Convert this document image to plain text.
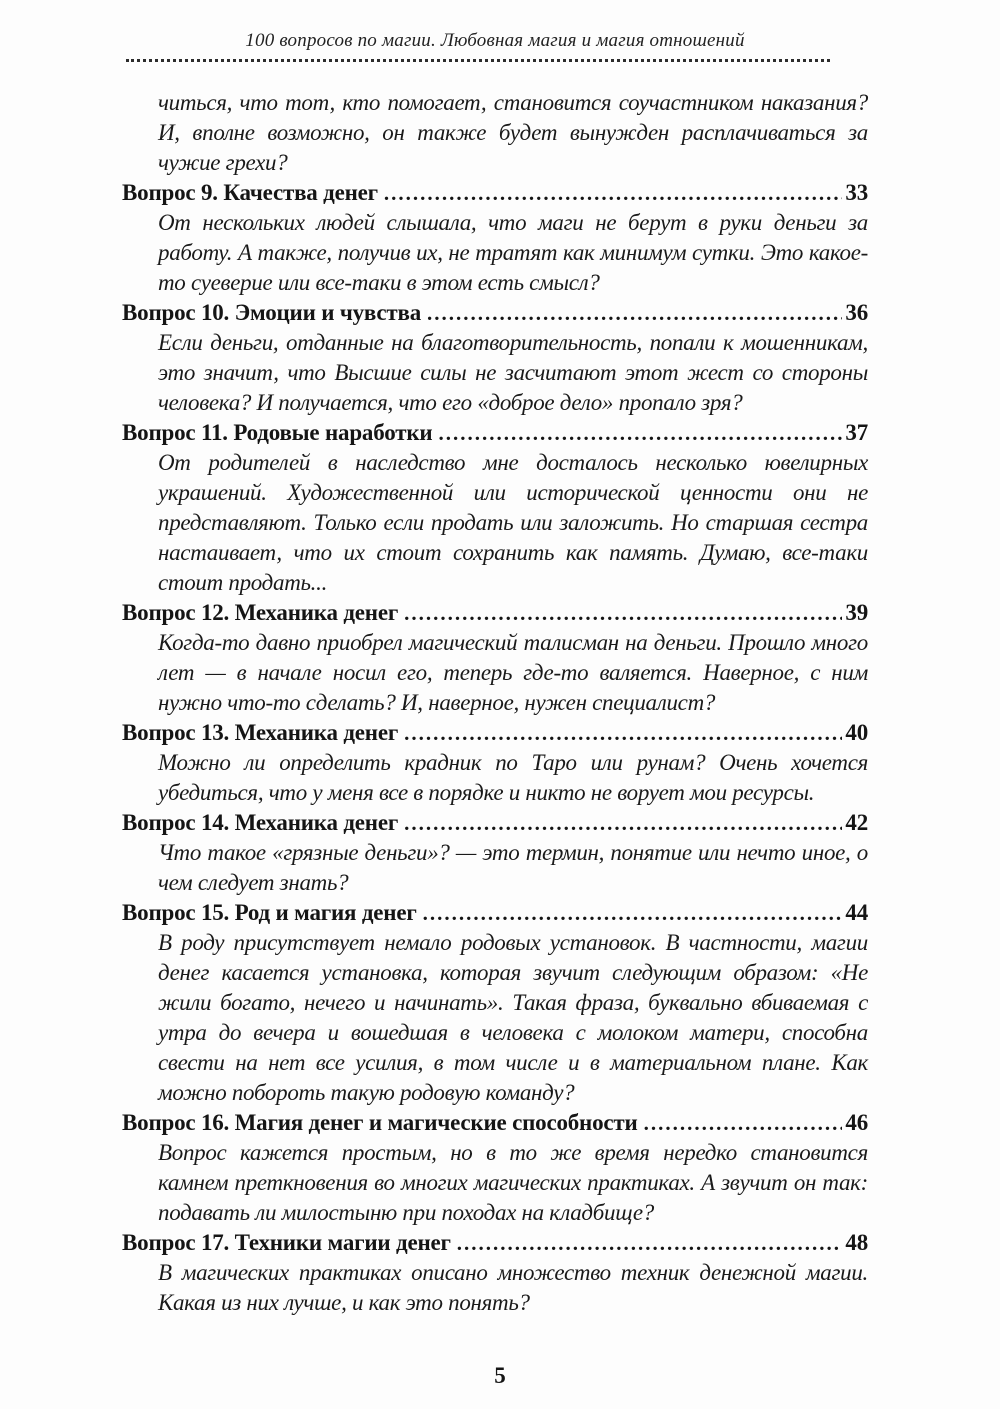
100 вопросов по магии. Любовная магия и магия отношений

читься, что тот, кто помогает, становится соучастником наказания? И, вполне возможно, он также будет вынужден расплачиваться за чужие грехи?

Вопрос 9. Качества денег .....	33

От нескольких людей слышала, что маги не берут в руки деньги за работу. А также, получив их, не тратят как минимум сутки. Это какое-то суеверие или все-таки в этом есть смысл?

Вопрос 10. Эмоции и чувства .....	36

Если деньги, отданные на благотворительность, попали к мошенникам, это значит, что Высшие силы не засчитают этот жест со стороны человека? И получается, что его «доброе дело» пропало зря?

Вопрос 11. Родовые наработки .....	37

От родителей в наследство мне досталось несколько ювелирных украшений. Художественной или исторической ценности они не представляют. Только если продать или заложить. Но старшая сестра настаивает, что их стоит сохранить как память. Думаю, все-таки стоит продать...

Вопрос 12. Механика денег .....	39

Когда-то давно приобрел магический талисман на деньги. Прошло много лет — в начале носил его, теперь где-то валяется. Наверное, с ним нужно что-то сделать? И, наверное, нужен специалист?

Вопрос 13. Механика денег .....	40

Можно ли определить крадник по Таро или рунам? Очень хочется убедиться, что у меня все в порядке и никто не ворует мои ресурсы.

Вопрос 14. Механика денег .....	42

Что такое «грязные деньги»? — это термин, понятие или нечто иное, о чем следует знать?

Вопрос 15. Род и магия денег .....	44

В роду присутствует немало родовых установок. В частности, магии денег касается установка, которая звучит следующим образом: «Не жили богато, нечего и начинать». Такая фраза, буквально вбиваемая с утра до вечера и вошедшая в человека с молоком матери, способна свести на нет все усилия, в том числе и в материальном плане. Как можно побороть такую родовую команду?

Вопрос 16. Магия денег и магические способности .....	46

Вопрос кажется простым, но в то же время нередко становится камнем преткновения во многих магических практиках. А звучит он так: подавать ли милостыню при походах на кладбище?

Вопрос 17. Техники магии денег .....	48

В магических практиках описано множество техник денежной магии. Какая из них лучше, и как это понять?

5
